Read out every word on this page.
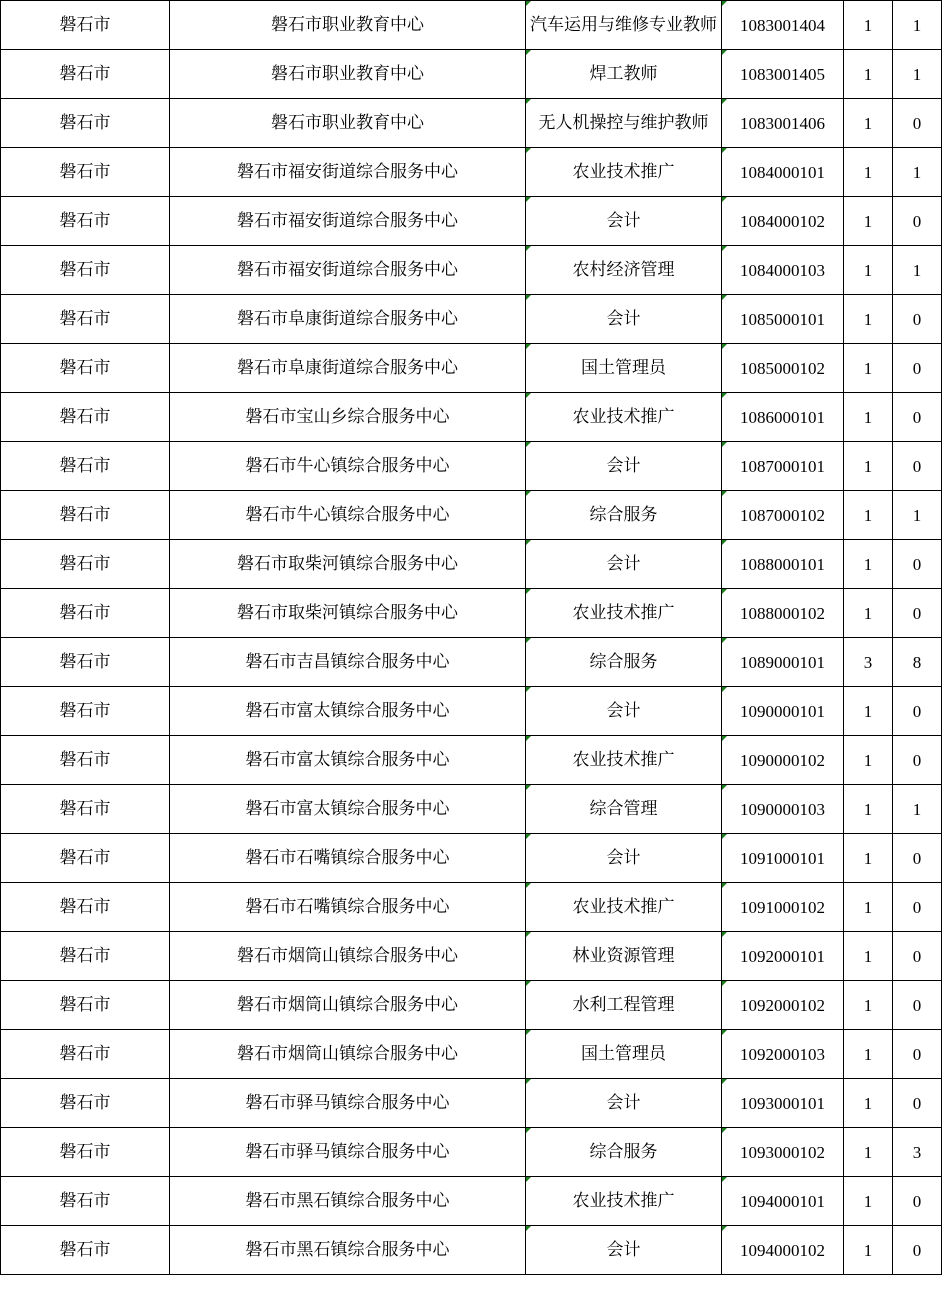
磐石市	磐石市职业教育中心	汽车运用与维修专业教师	1083001404	1	1
磐石市	磐石市职业教育中心	焊工教师	1083001405	1	1
磐石市	磐石市职业教育中心	无人机操控与维护教师	1083001406	1	0
磐石市	磐石市福安街道综合服务中心	农业技术推广	1084000101	1	1
磐石市	磐石市福安街道综合服务中心	会计	1084000102	1	0
磐石市	磐石市福安街道综合服务中心	农村经济管理	1084000103	1	1
磐石市	磐石市阜康街道综合服务中心	会计	1085000101	1	0
磐石市	磐石市阜康街道综合服务中心	国土管理员	1085000102	1	0
磐石市	磐石市宝山乡综合服务中心	农业技术推广	1086000101	1	0
磐石市	磐石市牛心镇综合服务中心	会计	1087000101	1	0
磐石市	磐石市牛心镇综合服务中心	综合服务	1087000102	1	1
磐石市	磐石市取柴河镇综合服务中心	会计	1088000101	1	0
磐石市	磐石市取柴河镇综合服务中心	农业技术推广	1088000102	1	0
磐石市	磐石市吉昌镇综合服务中心	综合服务	1089000101	3	8
磐石市	磐石市富太镇综合服务中心	会计	1090000101	1	0
磐石市	磐石市富太镇综合服务中心	农业技术推广	1090000102	1	0
磐石市	磐石市富太镇综合服务中心	综合管理	1090000103	1	1
磐石市	磐石市石嘴镇综合服务中心	会计	1091000101	1	0
磐石市	磐石市石嘴镇综合服务中心	农业技术推广	1091000102	1	0
磐石市	磐石市烟筒山镇综合服务中心	林业资源管理	1092000101	1	0
磐石市	磐石市烟筒山镇综合服务中心	水利工程管理	1092000102	1	0
磐石市	磐石市烟筒山镇综合服务中心	国土管理员	1092000103	1	0
磐石市	磐石市驿马镇综合服务中心	会计	1093000101	1	0
磐石市	磐石市驿马镇综合服务中心	综合服务	1093000102	1	3
磐石市	磐石市黑石镇综合服务中心	农业技术推广	1094000101	1	0
磐石市	磐石市黑石镇综合服务中心	会计	1094000102	1	0
